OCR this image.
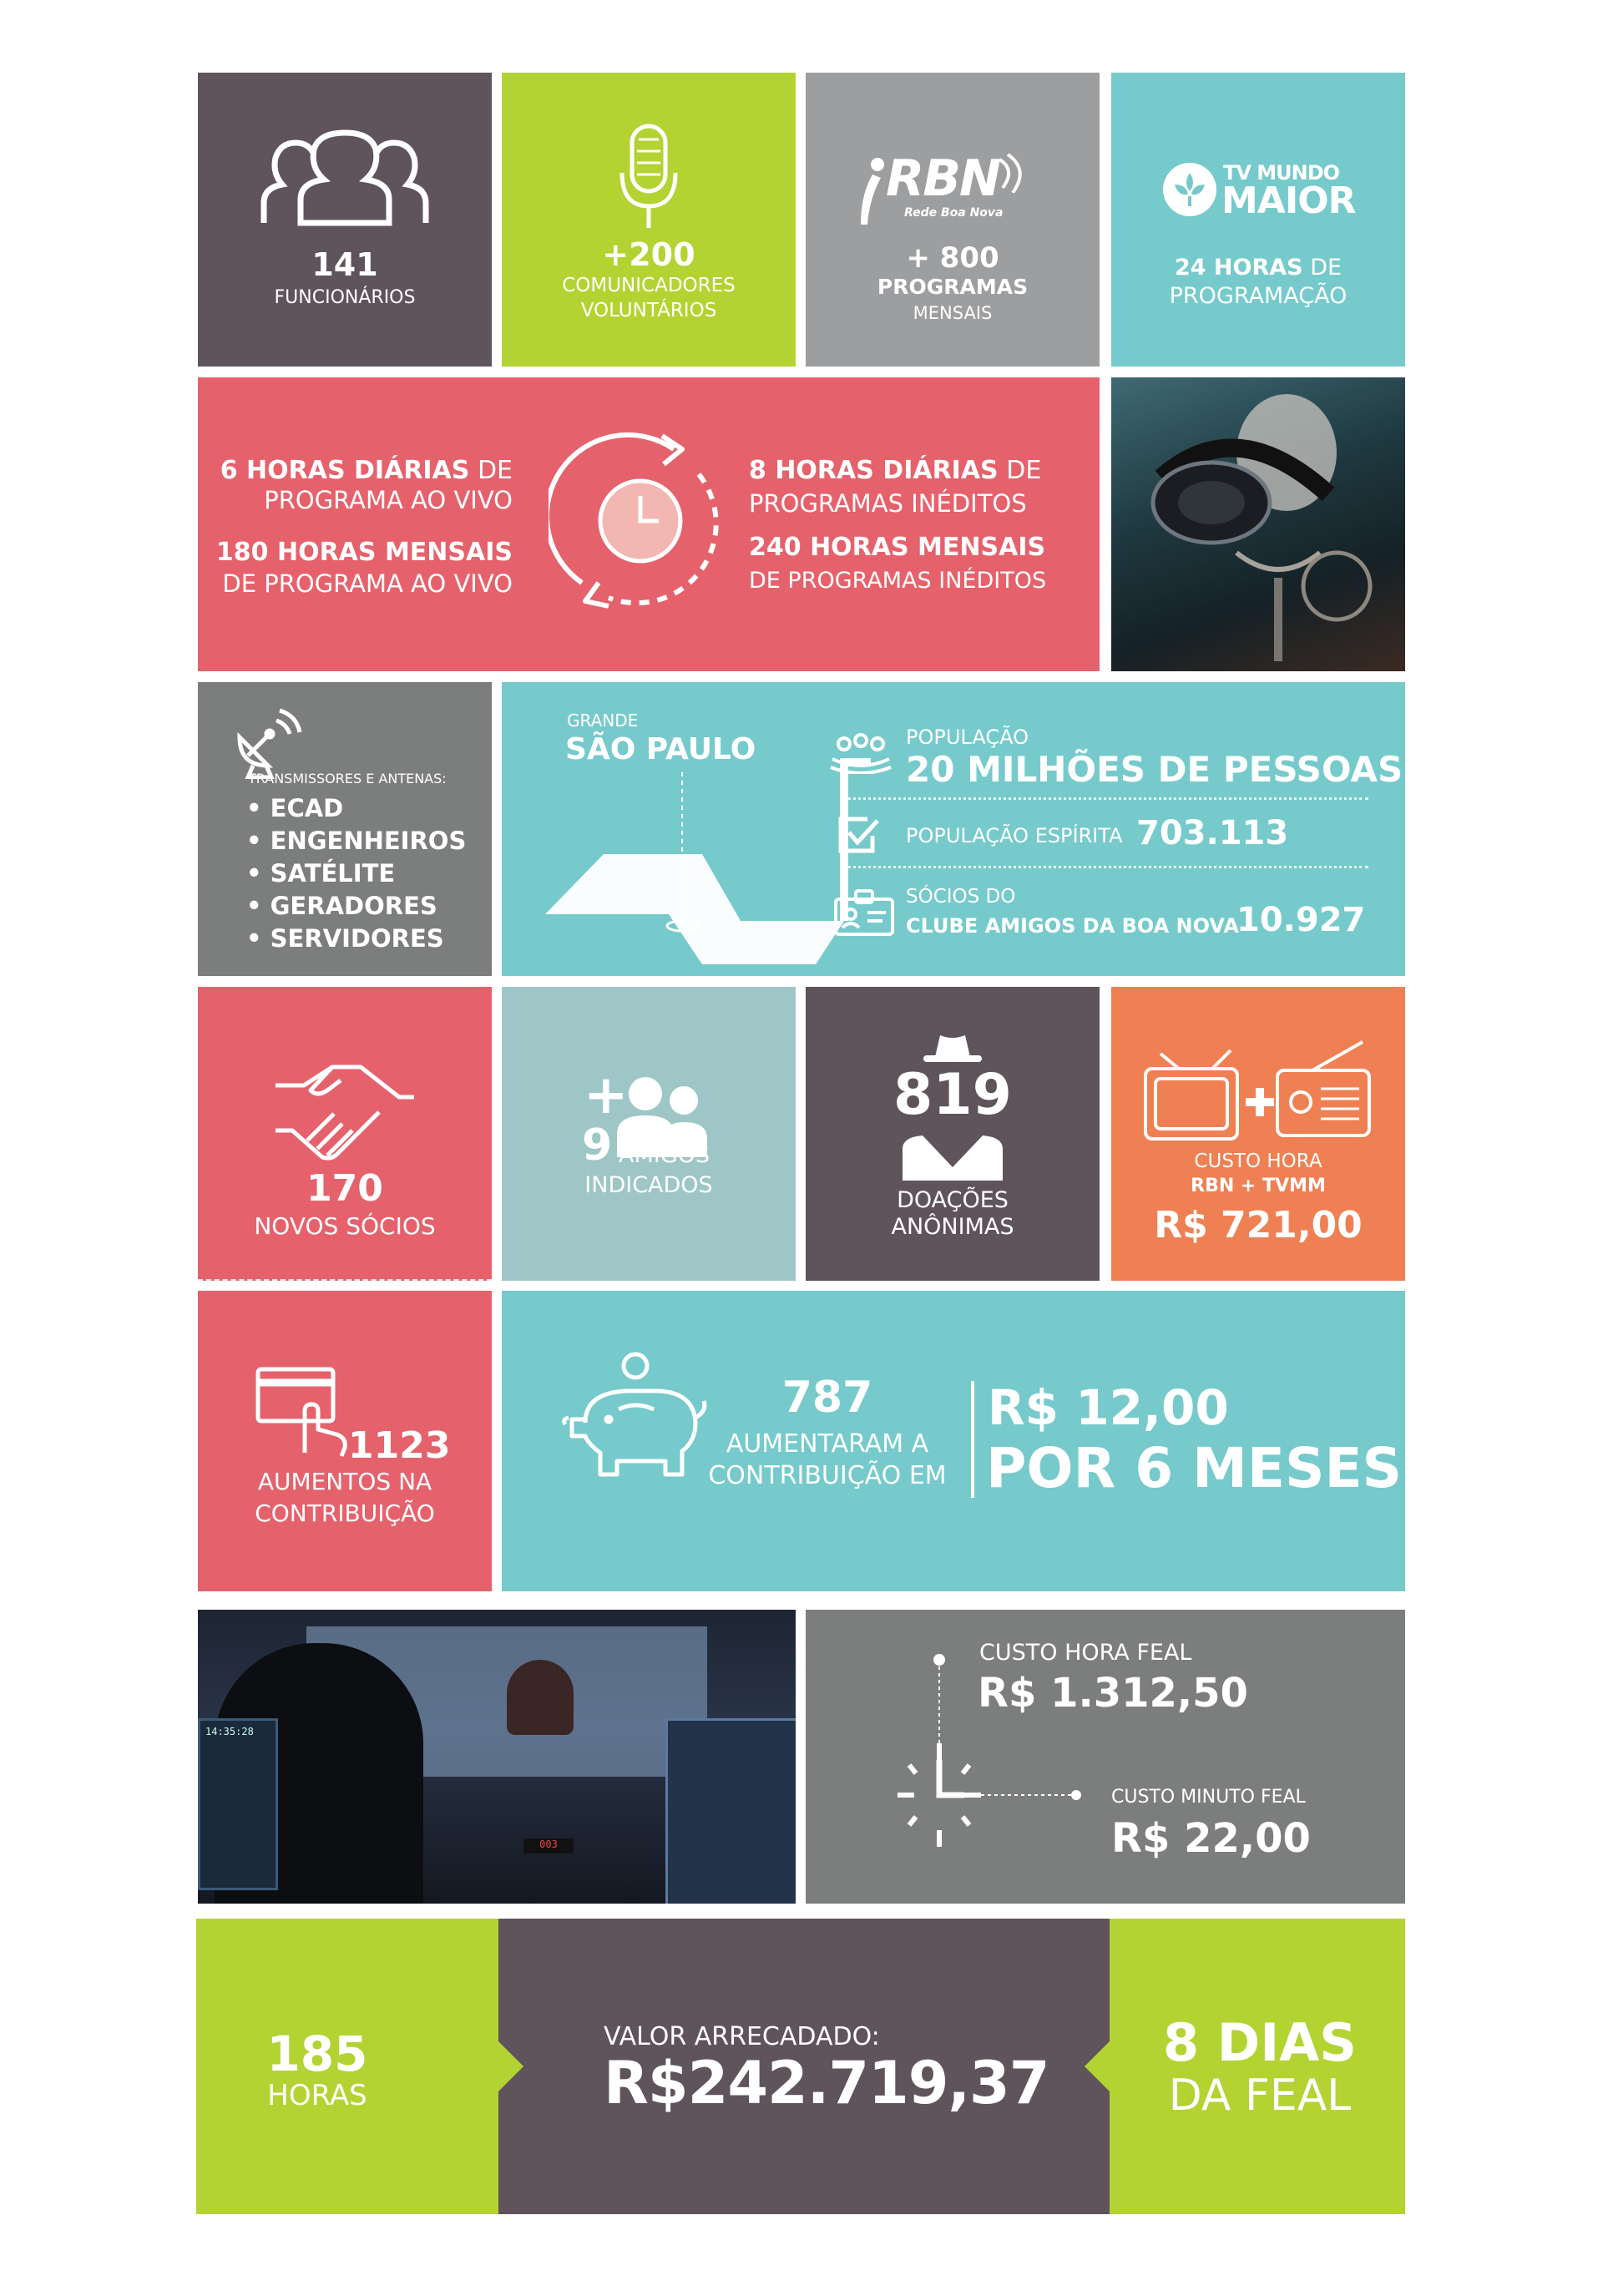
141
FUNCIONÁRIOS
+200
COMUNICADORES
VOLUNTÁRIOS
RBN
Rede Boa Nova
+ 800
PROGRAMAS
MENSAIS
TV MUNDO
MAIOR
24 HORAS DE
PROGRAMAÇÃO
6 HORAS DIÁRIAS DE
PROGRAMA AO VIVO
180 HORAS MENSAIS
DE PROGRAMA AO VIVO
8 HORAS DIÁRIAS DE
PROGRAMAS INÉDITOS
240 HORAS MENSAIS
DE PROGRAMAS INÉDITOS
TRANSMISSORES E ANTENAS:
• ECAD
• ENGENHEIROS
• SATÉLITE
• GERADORES
• SERVIDORES
GRANDE
SÃO PAULO	POPULAÇÃO
20 MILHÕES DE PESSOAS
POPULAÇÃO ESPÍRITA 703.113
SÓCIOS DO
CLUBE AMIGOS DA BOA NOVA
10.927
170
NOVOS SÓCIOS
+
9 AMIGOS
INDICADOS
819
DOAÇÕES
ANÔNIMAS
CUSTO HORA
RBN + TVMM
R$ 721,00
1123
AUMENTOS NA
CONTRIBUIÇÃO
787
AUMENTARAM A
CONTRIBUIÇÃO EM
R$ 12,00
POR 6 MESES
14:35:28
003
CUSTO HORA FEAL
R$ 1.312,50
CUSTO MINUTO FEAL
R$ 22,00
185
HORAS
VALOR ARRECADADO:
R$242.719,37
8 DIAS
DA FEAL
